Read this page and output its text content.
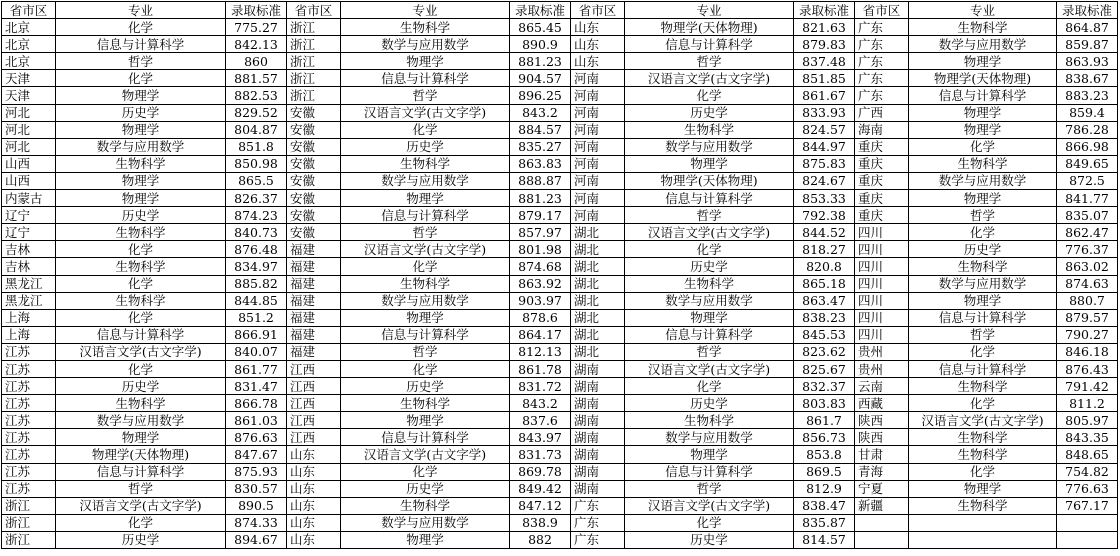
省市区	专业	录取标准	省市区	专业	录取标准	省市区	专业	录取标准	省市区	专业	录取标准
北京	化学	775.27	浙江	生物科学	865.45	山东	物理学(天体物理)	821.63	广东	生物科学	864.87
北京	信息与计算科学	842.13	浙江	数学与应用数学	890.9	山东	信息与计算科学	879.83	广东	数学与应用数学	859.87
北京	哲学	860	浙江	物理学	881.23	山东	哲学	837.48	广东	物理学	863.93
天津	化学	881.57	浙江	信息与计算科学	904.57	河南	汉语言文学(古文字学)	851.85	广东	物理学(天体物理)	838.67
天津	物理学	882.53	浙江	哲学	896.25	河南	化学	861.67	广东	信息与计算科学	883.23
河北	历史学	829.52	安徽	汉语言文学(古文字学)	843.2	河南	历史学	833.93	广西	物理学	859.4
河北	物理学	804.87	安徽	化学	884.57	河南	生物科学	824.57	海南	物理学	786.28
河北	数学与应用数学	851.8	安徽	历史学	835.27	河南	数学与应用数学	844.97	重庆	化学	866.98
山西	生物科学	850.98	安徽	生物科学	863.83	河南	物理学	875.83	重庆	生物科学	849.65
山西	物理学	865.5	安徽	数学与应用数学	888.87	河南	物理学(天体物理)	824.67	重庆	数学与应用数学	872.5
内蒙古	物理学	826.37	安徽	物理学	881.23	河南	信息与计算科学	853.33	重庆	物理学	841.77
辽宁	历史学	874.23	安徽	信息与计算科学	879.17	河南	哲学	792.38	重庆	哲学	835.07
辽宁	生物科学	840.73	安徽	哲学	857.97	湖北	汉语言文学(古文字学)	844.52	四川	化学	862.47
吉林	化学	876.48	福建	汉语言文学(古文字学)	801.98	湖北	化学	818.27	四川	历史学	776.37
吉林	生物科学	834.97	福建	化学	874.68	湖北	历史学	820.8	四川	生物科学	863.02
黑龙江	化学	885.82	福建	生物科学	863.92	湖北	生物科学	865.18	四川	数学与应用数学	874.63
黑龙江	生物科学	844.85	福建	数学与应用数学	903.97	湖北	数学与应用数学	863.47	四川	物理学	880.7
上海	化学	851.2	福建	物理学	878.6	湖北	物理学	838.23	四川	信息与计算科学	879.57
上海	信息与计算科学	866.91	福建	信息与计算科学	864.17	湖北	信息与计算科学	845.53	四川	哲学	790.27
江苏	汉语言文学(古文字学)	840.07	福建	哲学	812.13	湖北	哲学	823.62	贵州	化学	846.18
江苏	化学	861.77	江西	化学	861.78	湖南	汉语言文学(古文字学)	825.67	贵州	信息与计算科学	876.43
江苏	历史学	831.47	江西	历史学	831.72	湖南	化学	832.37	云南	生物科学	791.42
江苏	生物科学	866.78	江西	生物科学	843.2	湖南	历史学	803.83	西藏	化学	811.2
江苏	数学与应用数学	861.03	江西	物理学	837.6	湖南	生物科学	861.7	陕西	汉语言文学(古文字学)	805.97
江苏	物理学	876.63	江西	信息与计算科学	843.97	湖南	数学与应用数学	856.73	陕西	生物科学	843.35
江苏	物理学(天体物理)	847.67	山东	汉语言文学(古文字学)	831.73	湖南	物理学	853.8	甘肃	生物科学	848.65
江苏	信息与计算科学	875.93	山东	化学	869.78	湖南	信息与计算科学	869.5	青海	化学	754.82
江苏	哲学	830.57	山东	历史学	849.42	湖南	哲学	812.9	宁夏	物理学	776.63
浙江	汉语言文学(古文字学)	890.5	山东	生物科学	847.12	广东	汉语言文学(古文字学)	838.47	新疆	生物科学	767.17
浙江	化学	874.33	山东	数学与应用数学	838.9	广东	化学	835.87			
浙江	历史学	894.67	山东	物理学	882	广东	历史学	814.57			
